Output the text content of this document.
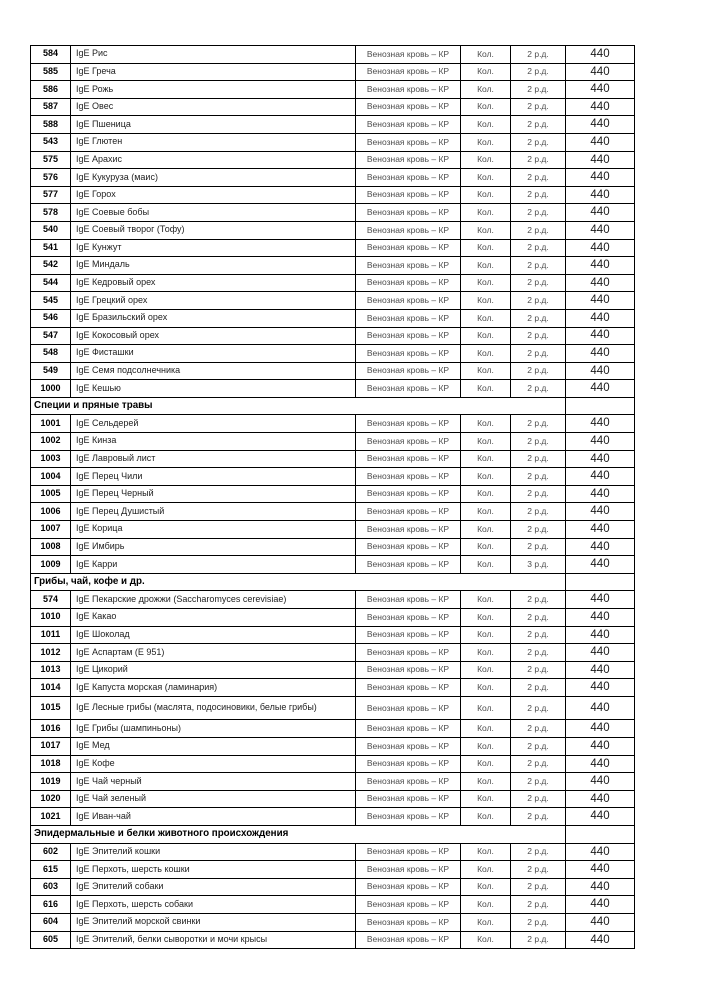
584	IgE Рис	Венозная кровь – КР	Кол.	2 р.д.	440
585	IgE Греча	Венозная кровь – КР	Кол.	2 р.д.	440
586	IgE Рожь	Венозная кровь – КР	Кол.	2 р.д.	440
587	IgE Овес	Венозная кровь – КР	Кол.	2 р.д.	440
588	IgE Пшеница	Венозная кровь – КР	Кол.	2 р.д.	440
543	IgE Глютен	Венозная кровь – КР	Кол.	2 р.д.	440
575	IgE Арахис	Венозная кровь – КР	Кол.	2 р.д.	440
576	IgE Кукуруза (маис)	Венозная кровь – КР	Кол.	2 р.д.	440
577	IgE Горох	Венозная кровь – КР	Кол.	2 р.д.	440
578	IgE Соевые бобы	Венозная кровь – КР	Кол.	2 р.д.	440
540	IgE Соевый творог (Тофу)	Венозная кровь – КР	Кол.	2 р.д.	440
541	IgE Кунжут	Венозная кровь – КР	Кол.	2 р.д.	440
542	IgE Миндаль	Венозная кровь – КР	Кол.	2 р.д.	440
544	IgE Кедровый орех	Венозная кровь – КР	Кол.	2 р.д.	440
545	IgE Грецкий орех	Венозная кровь – КР	Кол.	2 р.д.	440
546	IgE Бразильский орех	Венозная кровь – КР	Кол.	2 р.д.	440
547	IgE Кокосовый орех	Венозная кровь – КР	Кол.	2 р.д.	440
548	IgE Фисташки	Венозная кровь – КР	Кол.	2 р.д.	440
549	IgE Семя подсолнечника	Венозная кровь – КР	Кол.	2 р.д.	440
1000	IgE Кешью	Венозная кровь – КР	Кол.	2 р.д.	440
Специи и пряные травы
1001	IgE Сельдерей	Венозная кровь – КР	Кол.	2 р.д.	440
1002	IgE Кинза	Венозная кровь – КР	Кол.	2 р.д.	440
1003	IgE Лавровый лист	Венозная кровь – КР	Кол.	2 р.д.	440
1004	IgE Перец Чили	Венозная кровь – КР	Кол.	2 р.д.	440
1005	IgE Перец Черный	Венозная кровь – КР	Кол.	2 р.д.	440
1006	IgE Перец Душистый	Венозная кровь – КР	Кол.	2 р.д.	440
1007	IgE Корица	Венозная кровь – КР	Кол.	2 р.д.	440
1008	IgE Имбирь	Венозная кровь – КР	Кол.	2 р.д.	440
1009	IgE Карри	Венозная кровь – КР	Кол.	3 р.д.	440
Грибы, чай, кофе и др.
574	IgE Пекарские дрожжи (Saccharomyces cerevisiae)	Венозная кровь – КР	Кол.	2 р.д.	440
1010	IgE Какао	Венозная кровь – КР	Кол.	2 р.д.	440
1011	IgE Шоколад	Венозная кровь – КР	Кол.	2 р.д.	440
1012	IgE Аспартам (Е 951)	Венозная кровь – КР	Кол.	2 р.д.	440
1013	IgE Цикорий	Венозная кровь – КР	Кол.	2 р.д.	440
1014	IgE Капуста морская (ламинария)	Венозная кровь – КР	Кол.	2 р.д.	440
1015	IgE Лесные грибы (маслята, подосиновики, белые грибы)	Венозная кровь – КР	Кол.	2 р.д.	440
1016	IgE Грибы (шампиньоны)	Венозная кровь – КР	Кол.	2 р.д.	440
1017	IgE Мед	Венозная кровь – КР	Кол.	2 р.д.	440
1018	IgE Кофе	Венозная кровь – КР	Кол.	2 р.д.	440
1019	IgE Чай черный	Венозная кровь – КР	Кол.	2 р.д.	440
1020	IgE Чай зеленый	Венозная кровь – КР	Кол.	2 р.д.	440
1021	IgE Иван-чай	Венозная кровь – КР	Кол.	2 р.д.	440
Эпидермальные и белки животного происхождения
602	IgE Эпителий кошки	Венозная кровь – КР	Кол.	2 р.д.	440
615	IgE Перхоть, шерсть кошки	Венозная кровь – КР	Кол.	2 р.д.	440
603	IgE Эпителий собаки	Венозная кровь – КР	Кол.	2 р.д.	440
616	IgE Перхоть, шерсть собаки	Венозная кровь – КР	Кол.	2 р.д.	440
604	IgE Эпителий морской свинки	Венозная кровь – КР	Кол.	2 р.д.	440
605	IgE Эпителий, белки сыворотки и мочи крысы	Венозная кровь – КР	Кол.	2 р.д.	440
